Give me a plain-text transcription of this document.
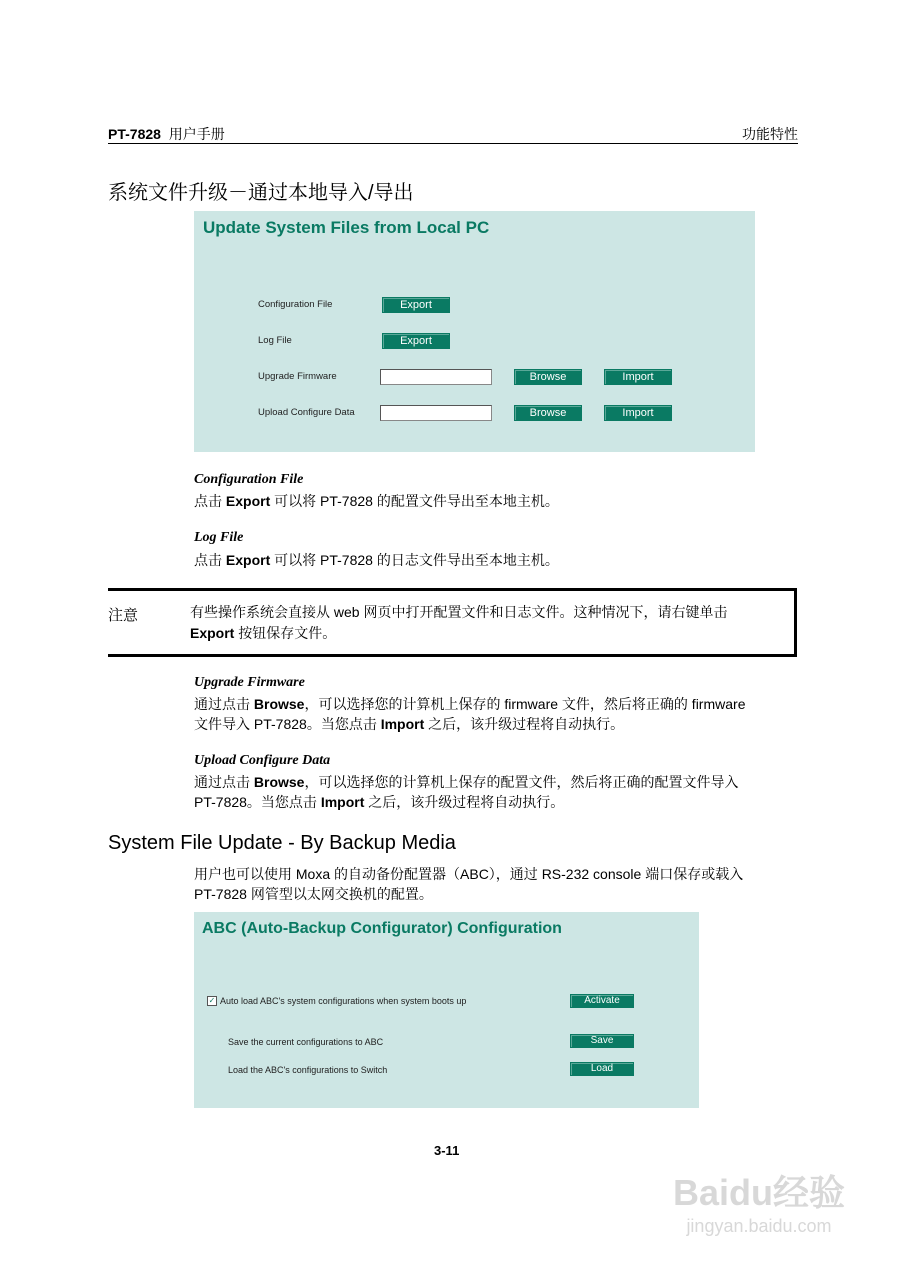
PT-7828 用户手册	功能特性
系统文件升级－通过本地导入/导出
Update System Files from Local PC
Configuration File	Export
Log File	Export
Upgrade Firmware	Browse	Import
Upload Configure Data	Browse	Import
Configuration File
点击 Export 可以将 PT-7828 的配置文件导出至本地主机。
Log File
点击 Export 可以将 PT-7828 的日志文件导出至本地主机。
注意	有些操作系统会直接从 web 网页中打开配置文件和日志文件。这种情况下，请右键单击
Export 按钮保存文件。
Upgrade Firmware
通过点击 Browse，可以选择您的计算机上保存的 firmware 文件，然后将正确的 firmware
文件导入 PT-7828。当您点击 Import 之后，该升级过程将自动执行。
Upload Configure Data
通过点击 Browse，可以选择您的计算机上保存的配置文件，然后将正确的配置文件导入
PT-7828。当您点击 Import 之后，该升级过程将自动执行。
System File Update - By Backup Media
用户也可以使用 Moxa 的自动备份配置器（ABC），通过 RS-232 console 端口保存或载入
PT-7828 网管型以太网交换机的配置。
ABC (Auto-Backup Configurator) Configuration
✓ Auto load ABC's system configurations when system boots up	Activate
Save the current configurations to ABC	Save
Load the ABC's configurations to Switch	Load
3-11
Baidu经验
jingyan.baidu.com
